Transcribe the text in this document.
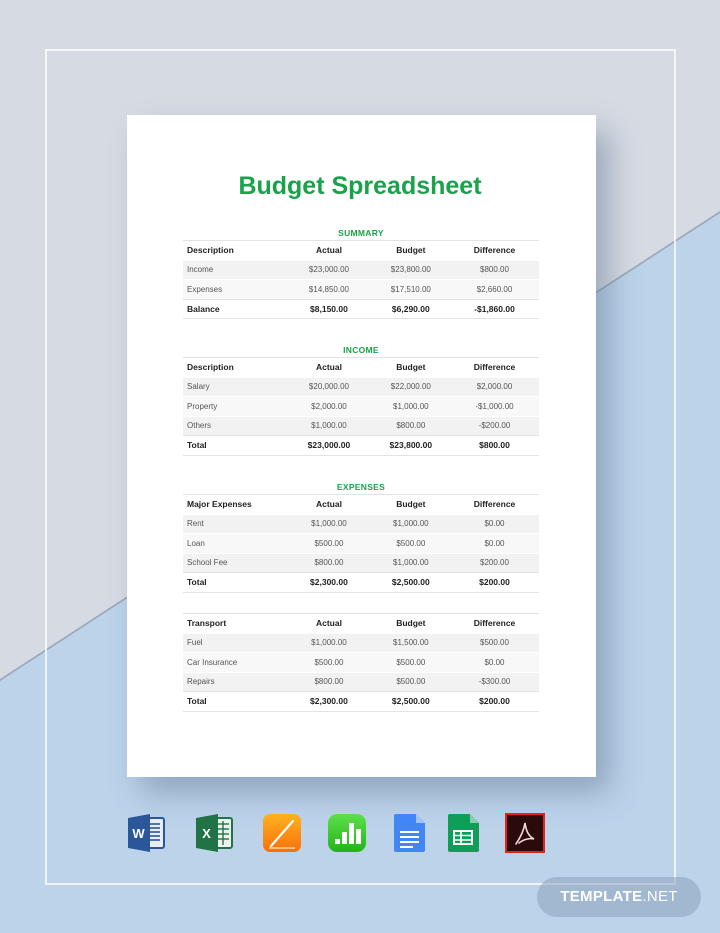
Budget Spreadsheet
SUMMARY
Description	Actual	Budget	Difference
Income	$23,000.00	$23,800.00	$800.00
Expenses	$14,850.00	$17,510.00	$2,660.00
Balance	$8,150.00	$6,290.00	-$1,860.00
INCOME
Description	Actual	Budget	Difference
Salary	$20,000.00	$22,000.00	$2,000.00
Property	$2,000.00	$1,000.00	-$1,000.00
Others	$1,000.00	$800.00	-$200.00
Total	$23,000.00	$23,800.00	$800.00
EXPENSES
Major Expenses	Actual	Budget	Difference
Rent	$1,000.00	$1,000.00	$0.00
Loan	$500.00	$500.00	$0.00
School Fee	$800.00	$1,000.00	$200.00
Total	$2,300.00	$2,500.00	$200.00
Transport	Actual	Budget	Difference
Fuel	$1,000.00	$1,500.00	$500.00
Car Insurance	$500.00	$500.00	$0.00
Repairs	$800.00	$500.00	-$300.00
Total	$2,300.00	$2,500.00	$200.00
W	X
TEMPLATE.NET
